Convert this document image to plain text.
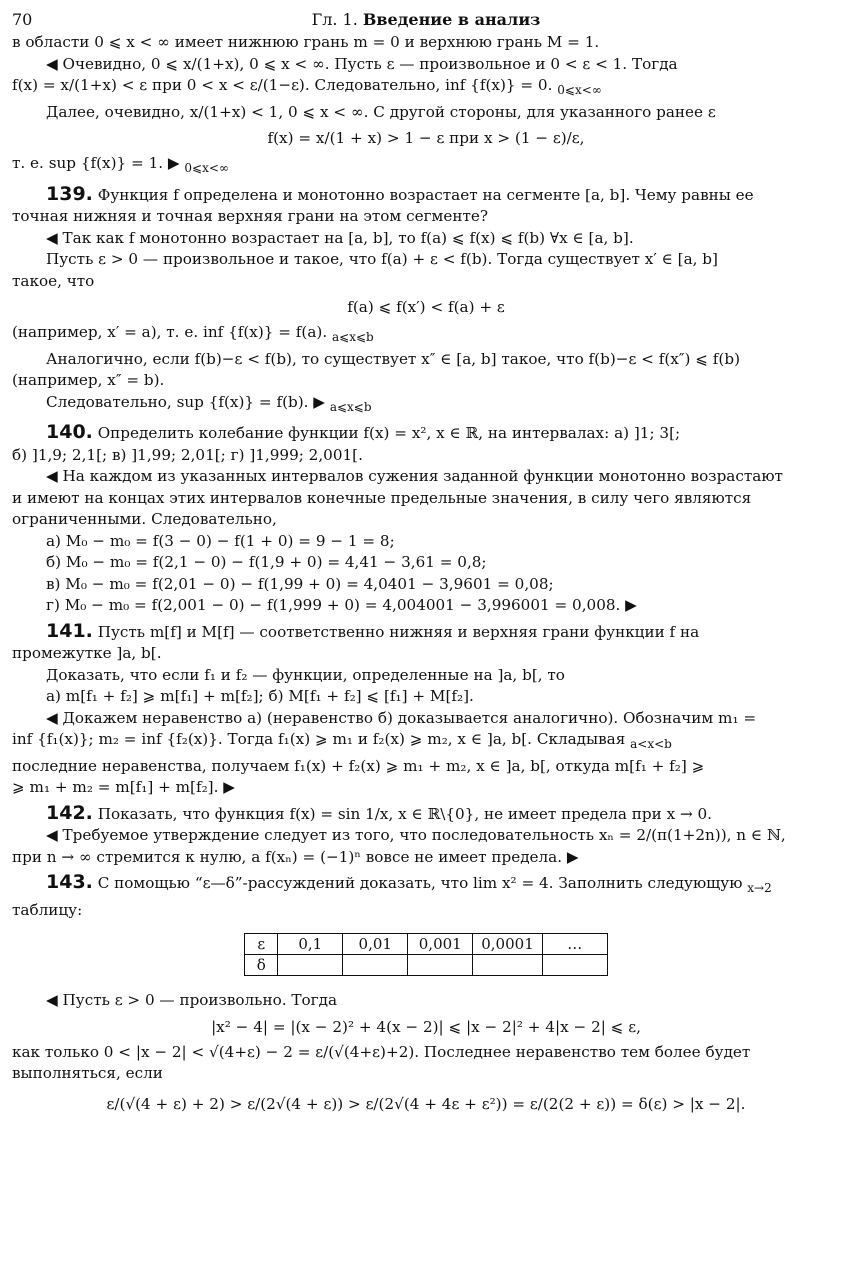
70	Гл. 1. Введение в анализ

в области 0 ⩽ x < ∞ имеет нижнюю грань m = 0 и верхнюю грань M = 1.

◀ Очевидно, 0 ⩽ x/(1+x), 0 ⩽ x < ∞. Пусть ε — произвольное и 0 < ε < 1. Тогда

f(x) = x/(1+x) < ε при 0 < x < ε/(1−ε). Следовательно, inf {f(x)} = 0. $_{0⩽x<\infty}$

Далее, очевидно, x/(1+x) < 1, 0 ⩽ x < ∞. С другой стороны, для указанного ранее ε

f(x) = x/(1 + x) > 1 − ε при x > (1 − ε)/ε,

т. е. sup {f(x)} = 1. ▶ $_{0⩽x<\infty}$

139. Функция f определена и монотонно возрастает на сегменте [a, b]. Чему равны ее

точная нижняя и точная верхняя грани на этом сегменте?

◀ Так как f монотонно возрастает на [a, b], то f(a) ⩽ f(x) ⩽ f(b) ∀x ∈ [a, b].

Пусть ε > 0 — произвольное и такое, что f(a) + ε < f(b). Тогда существует x′ ∈ [a, b]

такое, что

f(a) ⩽ f(x′) < f(a) + ε

(например, x′ = a), т. е. inf {f(x)} = f(a). $_{a⩽x⩽b}$

Аналогично, если f(b)−ε < f(b), то существует x″ ∈ [a, b] такое, что f(b)−ε < f(x″) ⩽ f(b)

(например, x″ = b).

Следовательно, sup {f(x)} = f(b). ▶ $_{a⩽x⩽b}$

140. Определить колебание функции f(x) = x², x ∈ ℝ, на интервалах: а) ]1; 3[;

б) ]1,9; 2,1[; в) ]1,99; 2,01[; г) ]1,999; 2,001[.

◀ На каждом из указанных интервалов сужения заданной функции монотонно возрастают

и имеют на концах этих интервалов конечные предельные значения, в силу чего являются

ограниченными. Следовательно,

а) M₀ − m₀ = f(3 − 0) − f(1 + 0) = 9 − 1 = 8;

б) M₀ − m₀ = f(2,1 − 0) − f(1,9 + 0) = 4,41 − 3,61 = 0,8;

в) M₀ − m₀ = f(2,01 − 0) − f(1,99 + 0) = 4,0401 − 3,9601 = 0,08;

г) M₀ − m₀ = f(2,001 − 0) − f(1,999 + 0) = 4,004001 − 3,996001 = 0,008. ▶

141. Пусть m[f] и M[f] — соответственно нижняя и верхняя грани функции f на

промежутке ]a, b[.

Доказать, что если f₁ и f₂ — функции, определенные на ]a, b[, то

а) m[f₁ + f₂] ⩾ m[f₁] + m[f₂]; б) M[f₁ + f₂] ⩽ [f₁] + M[f₂].

◀ Докажем неравенство а) (неравенство б) доказывается аналогично). Обозначим m₁ =

inf {f₁(x)}; m₂ = inf {f₂(x)}. Тогда f₁(x) ⩾ m₁ и f₂(x) ⩾ m₂, x ∈ ]a, b[. Складывая $_{a<x<b}$

последние неравенства, получаем f₁(x) + f₂(x) ⩾ m₁ + m₂, x ∈ ]a, b[, откуда m[f₁ + f₂] ⩾

⩾ m₁ + m₂ = m[f₁] + m[f₂]. ▶

142. Показать, что функция f(x) = sin 1/x, x ∈ ℝ\{0}, не имеет предела при x → 0.

◀ Требуемое утверждение следует из того, что последовательность xₙ = 2/(π(1+2n)), n ∈ ℕ,

при n → ∞ стремится к нулю, а f(xₙ) = (−1)ⁿ вовсе не имеет предела. ▶

143. С помощью “ε—δ”-рассуждений доказать, что lim x² = 4. Заполнить следующую $_{x\to 2}$

таблицу:

ε	0,1	0,01	0,001	0,0001	…
δ					

◀ Пусть ε > 0 — произвольно. Тогда

|x² − 4| = |(x − 2)² + 4(x − 2)| ⩽ |x − 2|² + 4|x − 2| ⩽ ε,

как только 0 < |x − 2| < √(4+ε) − 2 = ε/(√(4+ε)+2). Последнее неравенство тем более будет

выполняться, если

ε/(√(4 + ε) + 2) > ε/(2√(4 + ε)) > ε/(2√(4 + 4ε + ε²)) = ε/(2(2 + ε)) = δ(ε) > |x − 2|.
